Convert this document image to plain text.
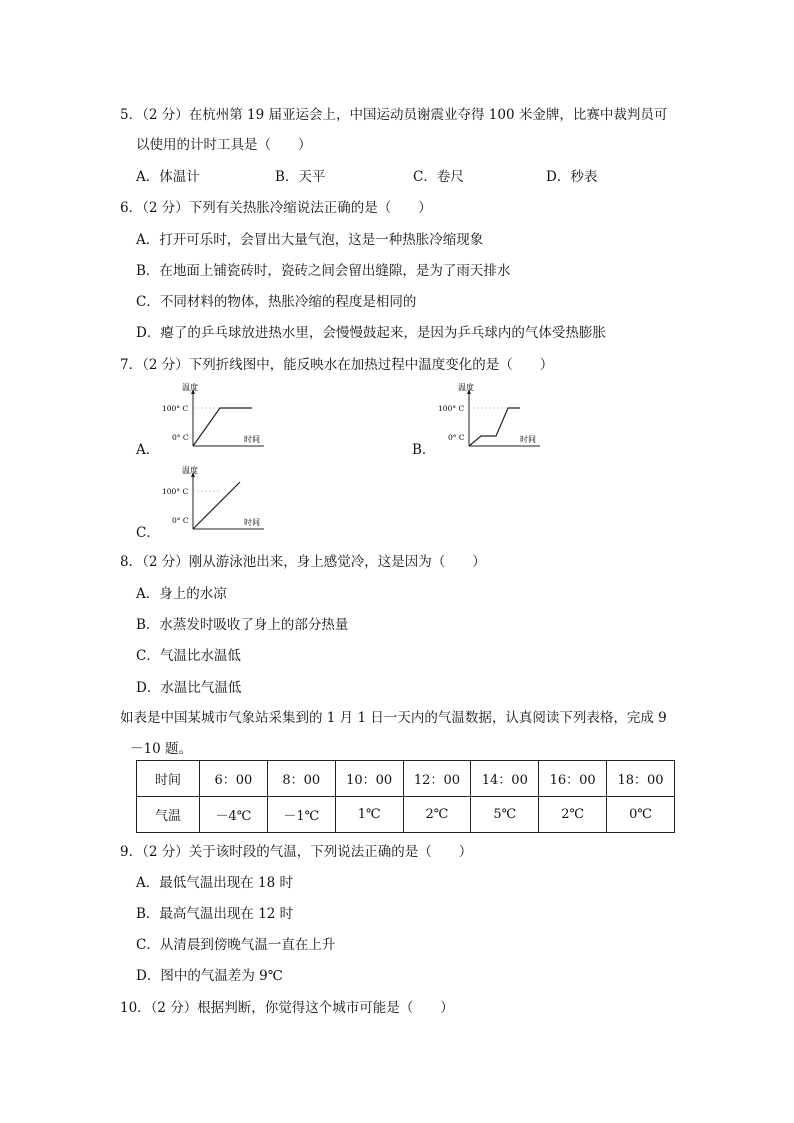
5．（2 分）在杭州第 19 届亚运会上，中国运动员谢震业夺得 100 米金牌，比赛中裁判员可
以使用的计时工具是（　　）
A．体温计	B．天平	C．卷尺	D．秒表
6．（2 分）下列有关热胀冷缩说法正确的是（　　）
A．打开可乐时，会冒出大量气泡，这是一种热胀冷缩现象
B．在地面上铺瓷砖时，瓷砖之间会留出缝隙，是为了雨天排水
C．不同材料的物体，热胀冷缩的程度是相同的
D．瘪了的乒乓球放进热水里，会慢慢鼓起来，是因为乒乓球内的气体受热膨胀
7．（2 分）下列折线图中，能反映水在加热过程中温度变化的是（　　）
A．
温度
100° C
0° C	时间
B．
温度
100° C
0° C	时间
C．
温度
100° C
0° C	时间
8．（2 分）刚从游泳池出来，身上感觉冷，这是因为（　　）
A．身上的水凉
B．水蒸发时吸收了身上的部分热量
C．气温比水温低
D．水温比气温低
如表是中国某城市气象站采集到的 1 月 1 日一天内的气温数据，认真阅读下列表格，完成 9
－10 题。
时间	6：00	8：00	10：00	12：00	14：00	16：00	18：00
气温	－4℃	－1℃	1℃	2℃	5℃	2℃	0℃
9．（2 分）关于该时段的气温，下列说法正确的是（　　）
A．最低气温出现在 18 时
B．最高气温出现在 12 时
C．从清晨到傍晚气温一直在上升
D．图中的气温差为 9℃
10．（2 分）根据判断，你觉得这个城市可能是（　　）
